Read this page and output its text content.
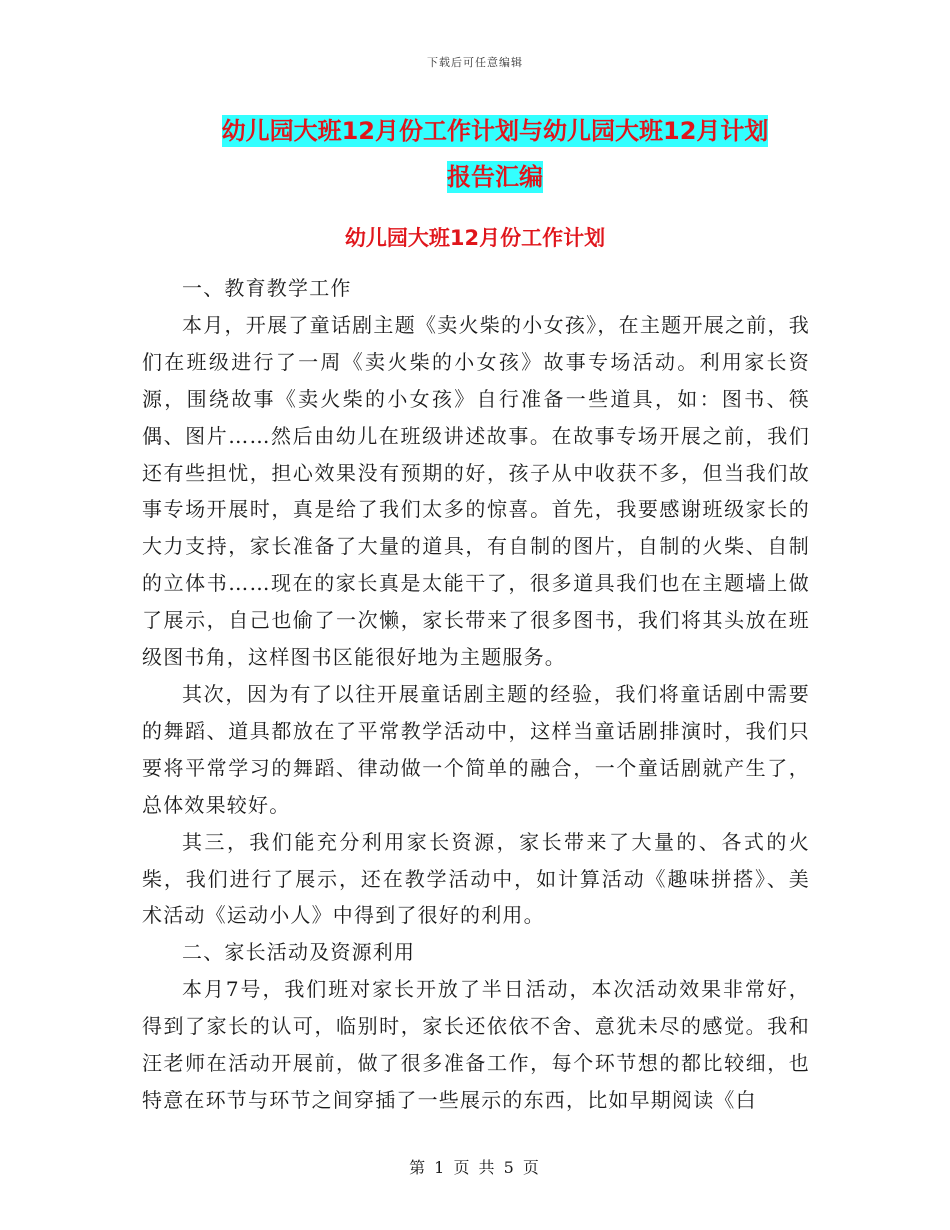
下载后可任意编辑
幼儿园大班12月份工作计划与幼儿园大班12月计划
报告汇编
幼儿园大班12月份工作计划

一、教育教学工作

本月，开展了童话剧主题《卖火柴的小女孩》，在主题开展之前，我们在班级进行了一周《卖火柴的小女孩》故事专场活动。利用家长资源，围绕故事《卖火柴的小女孩》自行准备一些道具，如：图书、筷偶、图片……然后由幼儿在班级讲述故事。在故事专场开展之前，我们还有些担忧，担心效果没有预期的好，孩子从中收获不多，但当我们故事专场开展时，真是给了我们太多的惊喜。首先，我要感谢班级家长的大力支持，家长准备了大量的道具，有自制的图片，自制的火柴、自制的立体书……现在的家长真是太能干了，很多道具我们也在主题墙上做了展示，自己也偷了一次懒，家长带来了很多图书，我们将其头放在班级图书角，这样图书区能很好地为主题服务。

其次，因为有了以往开展童话剧主题的经验，我们将童话剧中需要的舞蹈、道具都放在了平常教学活动中，这样当童话剧排演时，我们只要将平常学习的舞蹈、律动做一个简单的融合，一个童话剧就产生了，总体效果较好。

其三，我们能充分利用家长资源，家长带来了大量的、各式的火柴，我们进行了展示，还在教学活动中，如计算活动《趣味拼搭》、美术活动《运动小人》中得到了很好的利用。

二、家长活动及资源利用

本月7号，我们班对家长开放了半日活动，本次活动效果非常好，得到了家长的认可，临别时，家长还依依不舍、意犹未尽的感觉。我和汪老师在活动开展前，做了很多准备工作，每个环节想的都比较细，也特意在环节与环节之间穿插了一些展示的东西，比如早期阅读《白

第 1 页 共 5 页
